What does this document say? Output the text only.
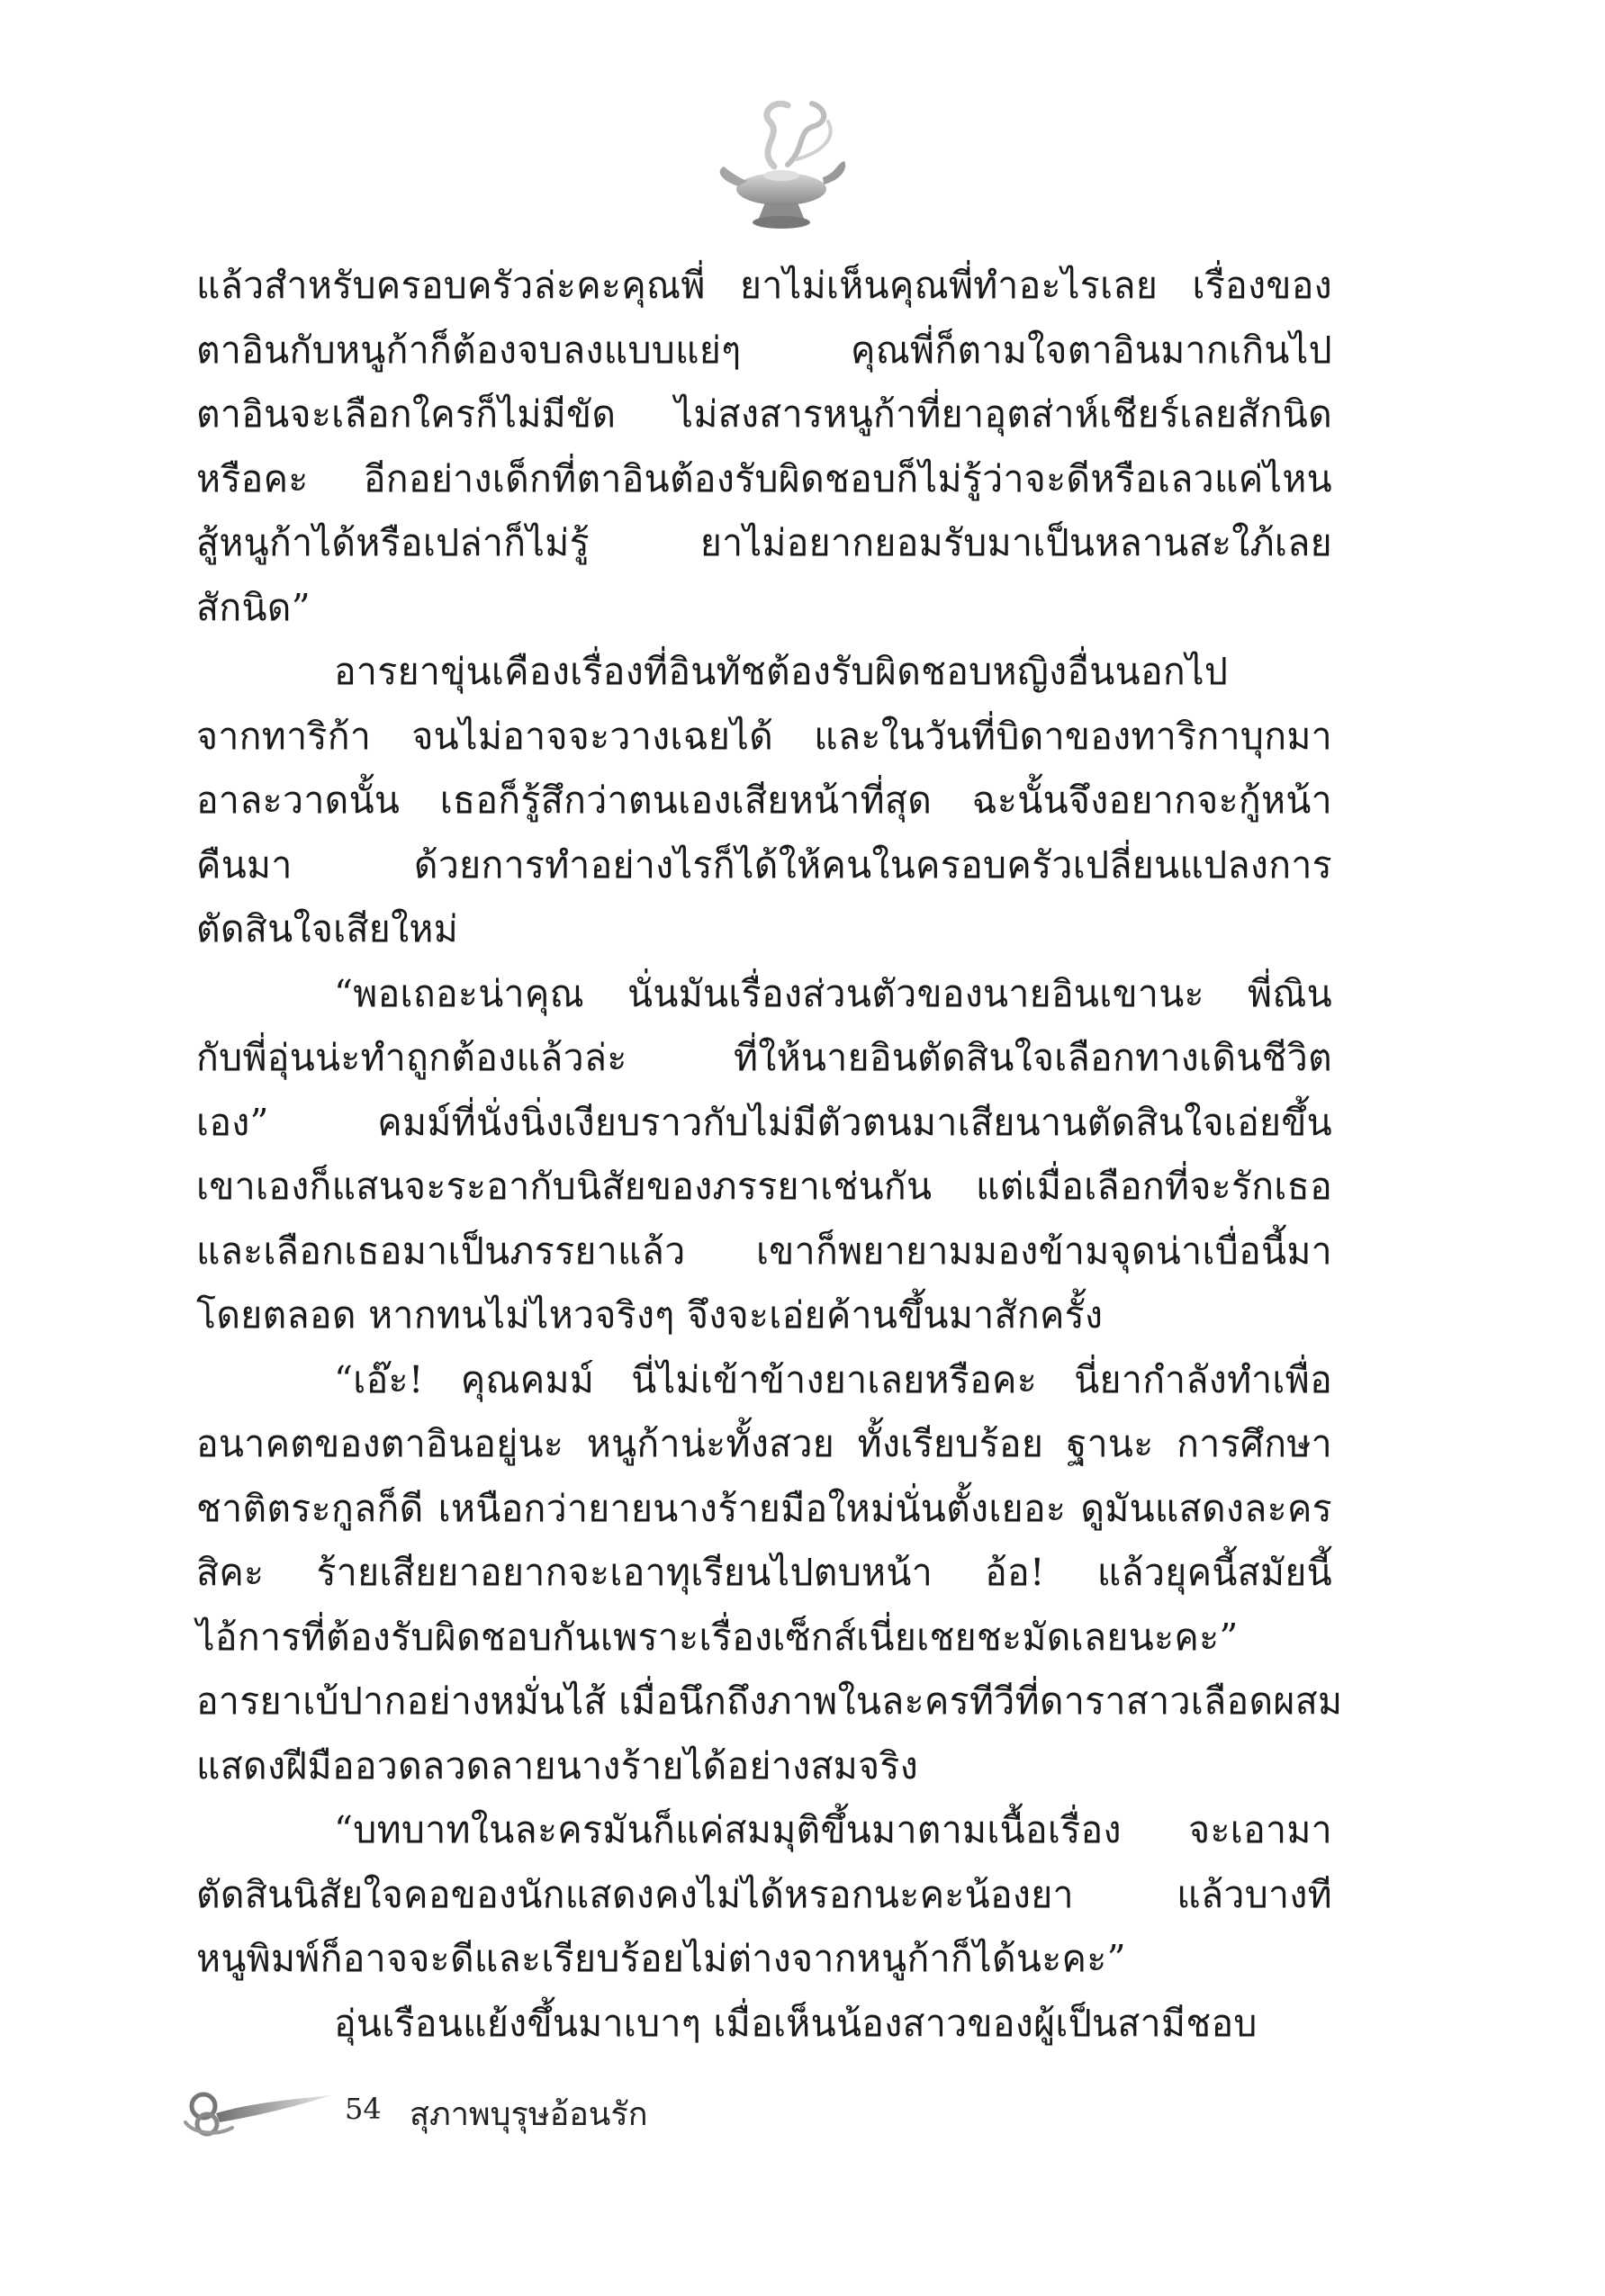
แล้วสำหรับครอบครัวล่ะคะคุณพี่ ยาไม่เห็นคุณพี่ทำอะไรเลย เรื่องของ
ตาอินกับหนูก้าก็ต้องจบลงแบบแย่ๆ คุณพี่ก็ตามใจตาอินมากเกินไป
ตาอินจะเลือกใครก็ไม่มีขัด ไม่สงสารหนูก้าที่ยาอุตส่าห์เชียร์เลยสักนิด
หรือคะ อีกอย่างเด็กที่ตาอินต้องรับผิดชอบก็ไม่รู้ว่าจะดีหรือเลวแค่ไหน
สู้หนูก้าได้หรือเปล่าก็ไม่รู้ ยาไม่อยากยอมรับมาเป็นหลานสะใภ้เลย
สักนิด”
อารยาขุ่นเคืองเรื่องที่อินทัชต้องรับผิดชอบหญิงอื่นนอกไป
จากทาริก้า จนไม่อาจจะวางเฉยได้ และในวันที่บิดาของทาริกาบุกมา
อาละวาดนั้น เธอก็รู้สึกว่าตนเองเสียหน้าที่สุด ฉะนั้นจึงอยากจะกู้หน้า
คืนมา ด้วยการทำอย่างไรก็ได้ให้คนในครอบครัวเปลี่ยนแปลงการ
ตัดสินใจเสียใหม่
“พอเถอะน่าคุณ นั่นมันเรื่องส่วนตัวของนายอินเขานะ พี่ณิน
กับพี่อุ่นน่ะทำถูกต้องแล้วล่ะ ที่ให้นายอินตัดสินใจเลือกทางเดินชีวิต
เอง” คมม์ที่นั่งนิ่งเงียบราวกับไม่มีตัวตนมาเสียนานตัดสินใจเอ่ยขึ้น
เขาเองก็แสนจะระอากับนิสัยของภรรยาเช่นกัน แต่เมื่อเลือกที่จะรักเธอ
และเลือกเธอมาเป็นภรรยาแล้ว เขาก็พยายามมองข้ามจุดน่าเบื่อนี้มา
โดยตลอด หากทนไม่ไหวจริงๆ จึงจะเอ่ยค้านขึ้นมาสักครั้ง
“เอ๊ะ! คุณคมม์ นี่ไม่เข้าข้างยาเลยหรือคะ นี่ยากำลังทำเพื่อ
อนาคตของตาอินอยู่นะ หนูก้าน่ะทั้งสวย ทั้งเรียบร้อย ฐานะ การศึกษา
ชาติตระกูลก็ดี เหนือกว่ายายนางร้ายมือใหม่นั่นตั้งเยอะ ดูมันแสดงละคร
สิคะ ร้ายเสียยาอยากจะเอาทุเรียนไปตบหน้า อ้อ! แล้วยุคนี้สมัยนี้
ไอ้การที่ต้องรับผิดชอบกันเพราะเรื่องเซ็กส์เนี่ยเชยชะมัดเลยนะคะ”
อารยาเบ้ปากอย่างหมั่นไส้ เมื่อนึกถึงภาพในละครทีวีที่ดาราสาวเลือดผสม
แสดงฝีมืออวดลวดลายนางร้ายได้อย่างสมจริง
“บทบาทในละครมันก็แค่สมมุติขึ้นมาตามเนื้อเรื่อง จะเอามา
ตัดสินนิสัยใจคอของนักแสดงคงไม่ได้หรอกนะคะน้องยา แล้วบางที
หนูพิมพ์ก็อาจจะดีและเรียบร้อยไม่ต่างจากหนูก้าก็ได้นะคะ”
อุ่นเรือนแย้งขึ้นมาเบาๆ เมื่อเห็นน้องสาวของผู้เป็นสามีชอบ
54 สุภาพบุรุษอ้อนรัก
